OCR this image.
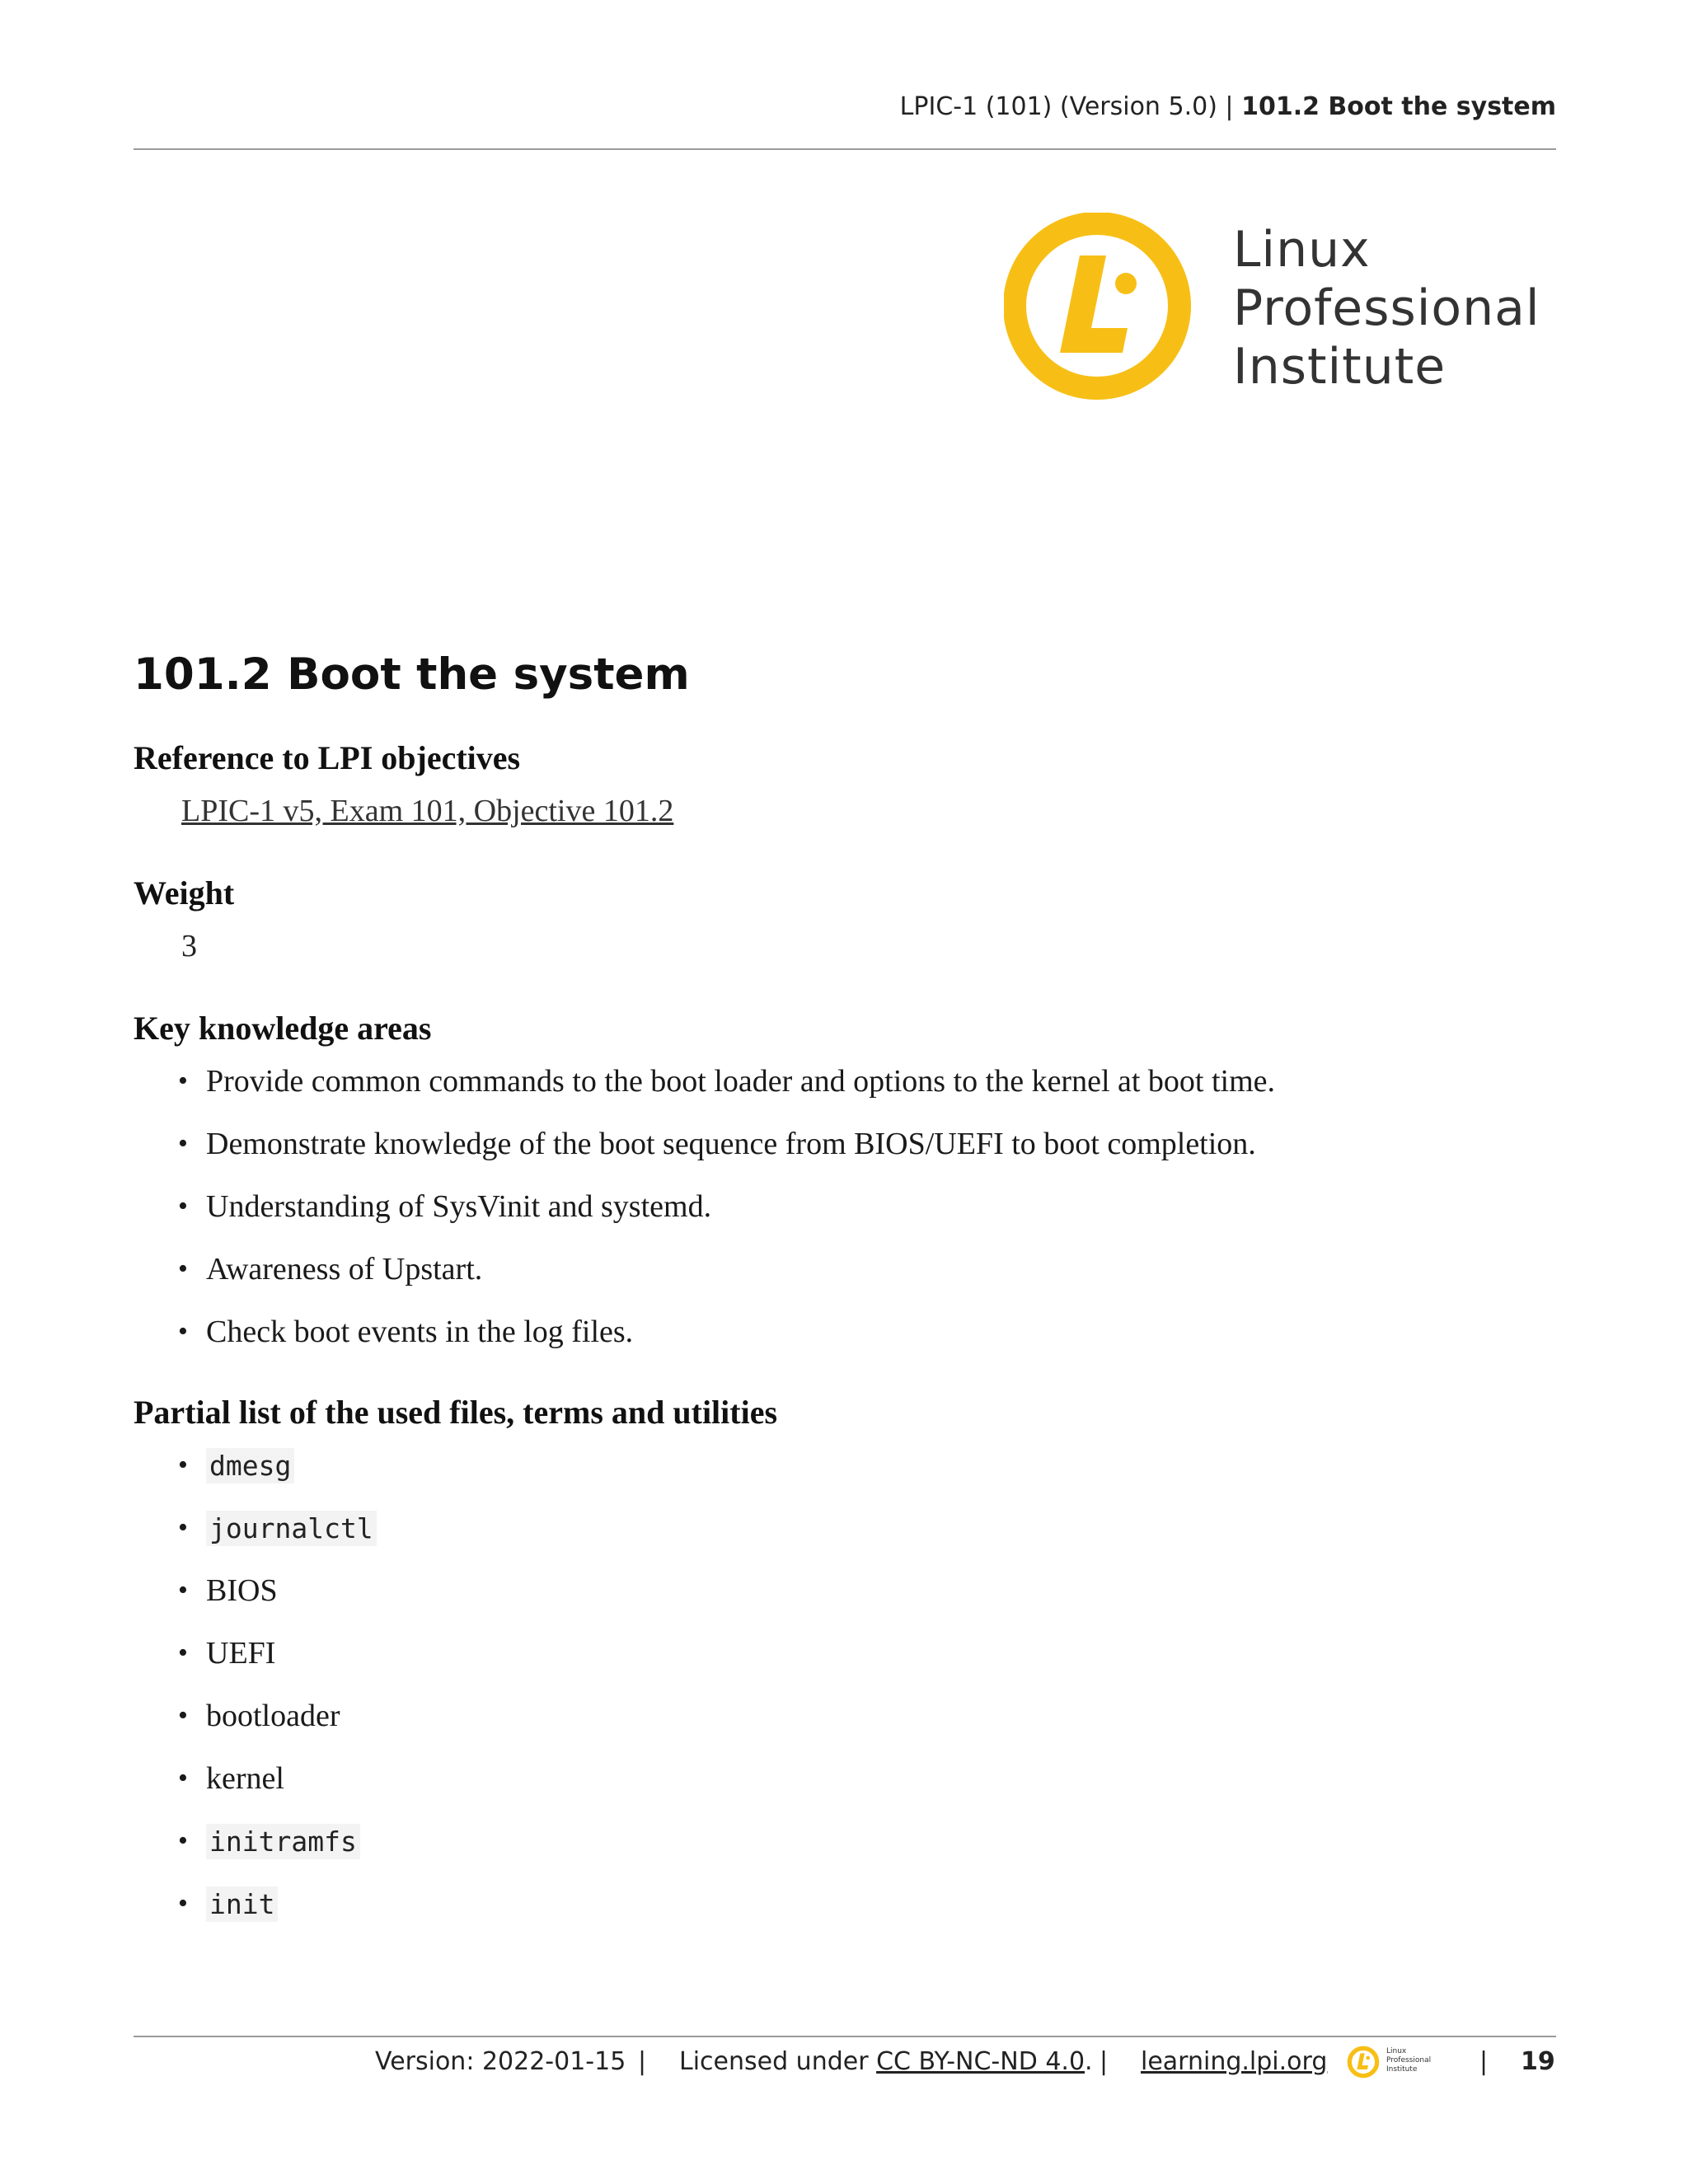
LPIC-1 (101) (Version 5.0) | 101.2 Boot the system
Linux
Professional
Institute
101.2 Boot the system
Reference to LPI objectives
LPIC-1 v5, Exam 101, Objective 101.2
Weight
3
Key knowledge areas
• Provide common commands to the boot loader and options to the kernel at boot time.
• Demonstrate knowledge of the boot sequence from BIOS/UEFI to boot completion.
• Understanding of SysVinit and systemd.
• Awareness of Upstart.
• Check boot events in the log files.
Partial list of the used files, terms and utilities
• dmesg
• journalctl
• BIOS
• UEFI
• bootloader
• kernel
• initramfs
• init
Version: 2022-01-15 | Licensed under CC BY-NC-ND 4.0. | learning.lpi.org	Linux
Professional
Institute	| 19
